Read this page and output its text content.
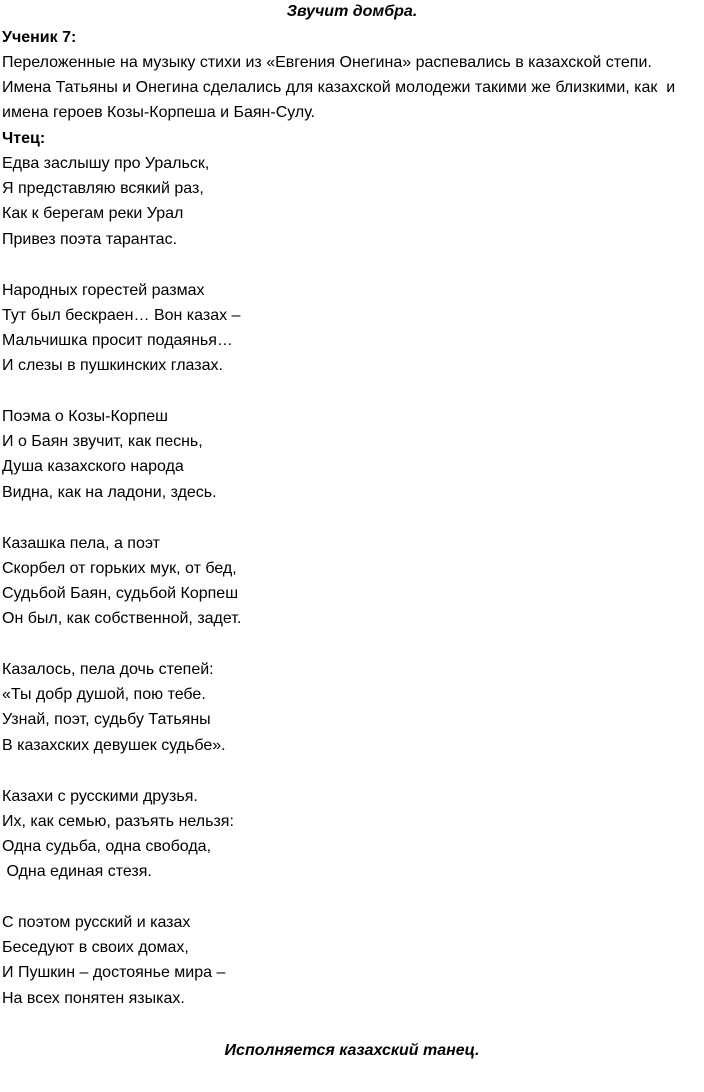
Звучит домбра.
Ученик 7:
Переложенные на музыку стихи из «Евгения Онегина» распевались в казахской степи.
Имена Татьяны и Онегина сделались для казахской молодежи такими же близкими, как  и
имена героев Козы-Корпеша и Баян-Сулу.
Чтец:
Едва заслышу про Уральск,
Я представляю всякий раз,
Как к берегам реки Урал
Привез поэта тарантас.
Народных горестей размах
Тут был бескраен… Вон казах –
Мальчишка просит подаянья…
И слезы в пушкинских глазах.
Поэма о Козы-Корпеш
И о Баян звучит, как песнь,
Душа казахского народа
Видна, как на ладони, здесь.
Казашка пела, а поэт
Скорбел от горьких мук, от бед,
Судьбой Баян, судьбой Корпеш
Он был, как собственной, задет.
Казалось, пела дочь степей:
«Ты добр душой, пою тебе.
Узнай, поэт, судьбу Татьяны
В казахских девушек судьбе».
Казахи с русскими друзья.
Их, как семью, разъять нельзя:
Одна судьба, одна свобода,
Одна единая стезя.
С поэтом русский и казах
Беседуют в своих домах,
И Пушкин – достоянье мира –
На всех понятен языках.
Исполняется казахский танец.
